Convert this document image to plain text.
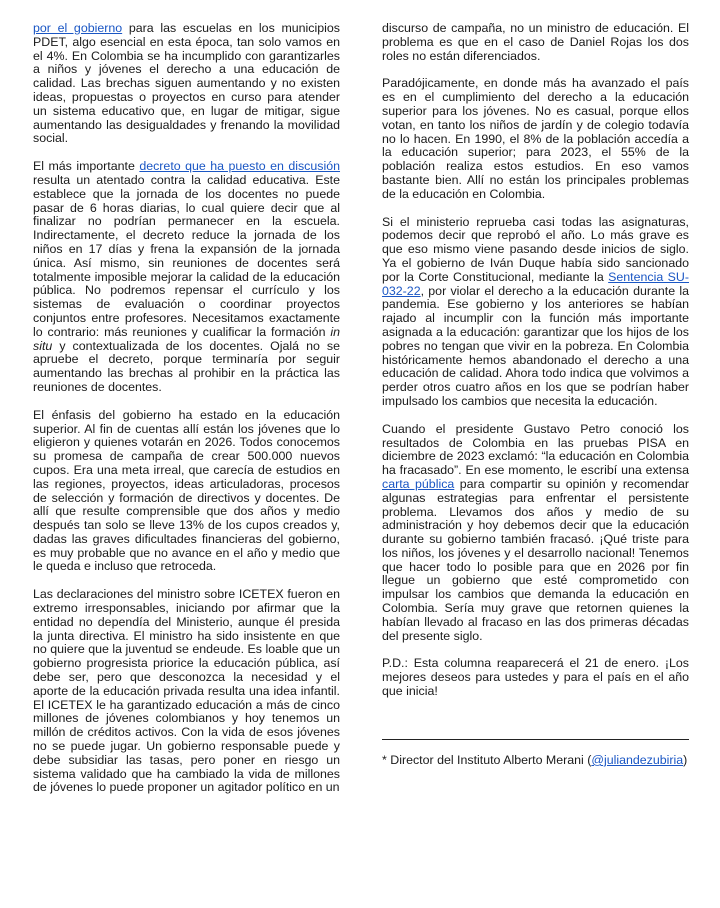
por el gobierno para las escuelas en los municipios PDET, algo esencial en esta época, tan solo vamos en el 4%. En Colombia se ha incumplido con garantizarles a niños y jóvenes el derecho a una educación de calidad. Las brechas siguen aumentando y no existen ideas, propuestas o proyectos en curso para atender un sistema educativo que, en lugar de mitigar, sigue aumentando las desigualdades y frenando la movilidad social.

El más importante decreto que ha puesto en discusión resulta un atentado contra la calidad educativa. Este establece que la jornada de los docentes no puede pasar de 6 horas diarias, lo cual quiere decir que al finalizar no podrían permanecer en la escuela. Indirectamente, el decreto reduce la jornada de los niños en 17 días y frena la expansión de la jornada única. Así mismo, sin reuniones de docentes será totalmente imposible mejorar la calidad de la educación pública. No podremos repensar el currículo y los sistemas de evaluación o coordinar proyectos conjuntos entre profesores. Necesitamos exactamente lo contrario: más reuniones y cualificar la formación in situ y contextualizada de los docentes. Ojalá no se apruebe el decreto, porque terminaría por seguir aumentando las brechas al prohibir en la práctica las reuniones de docentes.

El énfasis del gobierno ha estado en la educación superior. Al fin de cuentas allí están los jóvenes que lo eligieron y quienes votarán en 2026. Todos conocemos su promesa de campaña de crear 500.000 nuevos cupos. Era una meta irreal, que carecía de estudios en las regiones, proyectos, ideas articuladoras, procesos de selección y formación de directivos y docentes. De allí que resulte comprensible que dos años y medio después tan solo se lleve 13% de los cupos creados y, dadas las graves dificultades financieras del gobierno, es muy probable que no avance en el año y medio que le queda e incluso que retroceda.

Las declaraciones del ministro sobre ICETEX fueron en extremo irresponsables, iniciando por afirmar que la entidad no dependía del Ministerio, aunque él presida la junta directiva. El ministro ha sido insistente en que no quiere que la juventud se endeude. Es loable que un gobierno progresista priorice la educación pública, así debe ser, pero que desconozca la necesidad y el aporte de la educación privada resulta una idea infantil. El ICETEX le ha garantizado educación a más de cinco millones de jóvenes colombianos y hoy tenemos un millón de créditos activos. Con la vida de esos jóvenes no se puede jugar. Un gobierno responsable puede y debe subsidiar las tasas, pero poner en riesgo un sistema validado que ha cambiado la vida de millones de jóvenes lo puede proponer un agitador político en un

discurso de campaña, no un ministro de educación. El problema es que en el caso de Daniel Rojas los dos roles no están diferenciados.

Paradójicamente, en donde más ha avanzado el país es en el cumplimiento del derecho a la educación superior para los jóvenes. No es casual, porque ellos votan, en tanto los niños de jardín y de colegio todavía no lo hacen. En 1990, el 8% de la población accedía a la educación superior; para 2023, el 55% de la población realiza estos estudios. En eso vamos bastante bien. Allí no están los principales problemas de la educación en Colombia.

Si el ministerio reprueba casi todas las asignaturas, podemos decir que reprobó el año. Lo más grave es que eso mismo viene pasando desde inicios de siglo. Ya el gobierno de Iván Duque había sido sancionado por la Corte Constitucional, mediante la Sentencia SU-032-22, por violar el derecho a la educación durante la pandemia. Ese gobierno y los anteriores se habían rajado al incumplir con la función más importante asignada a la educación: garantizar que los hijos de los pobres no tengan que vivir en la pobreza. En Colombia históricamente hemos abandonado el derecho a una educación de calidad. Ahora todo indica que volvimos a perder otros cuatro años en los que se podrían haber impulsado los cambios que necesita la educación.

Cuando el presidente Gustavo Petro conoció los resultados de Colombia en las pruebas PISA en diciembre de 2023 exclamó: “la educación en Colombia ha fracasado”. En ese momento, le escribí una extensa carta pública para compartir su opinión y recomendar algunas estrategias para enfrentar el persistente problema. Llevamos dos años y medio de su administración y hoy debemos decir que la educación durante su gobierno también fracasó. ¡Qué triste para los niños, los jóvenes y el desarrollo nacional! Tenemos que hacer todo lo posible para que en 2026 por fin llegue un gobierno que esté comprometido con impulsar los cambios que demanda la educación en Colombia. Sería muy grave que retornen quienes la habían llevado al fracaso en las dos primeras décadas del presente siglo.

P.D.: Esta columna reaparecerá el 21 de enero. ¡Los mejores deseos para ustedes y para el país en el año que inicia!

* Director del Instituto Alberto Merani (@juliandezubiria)
